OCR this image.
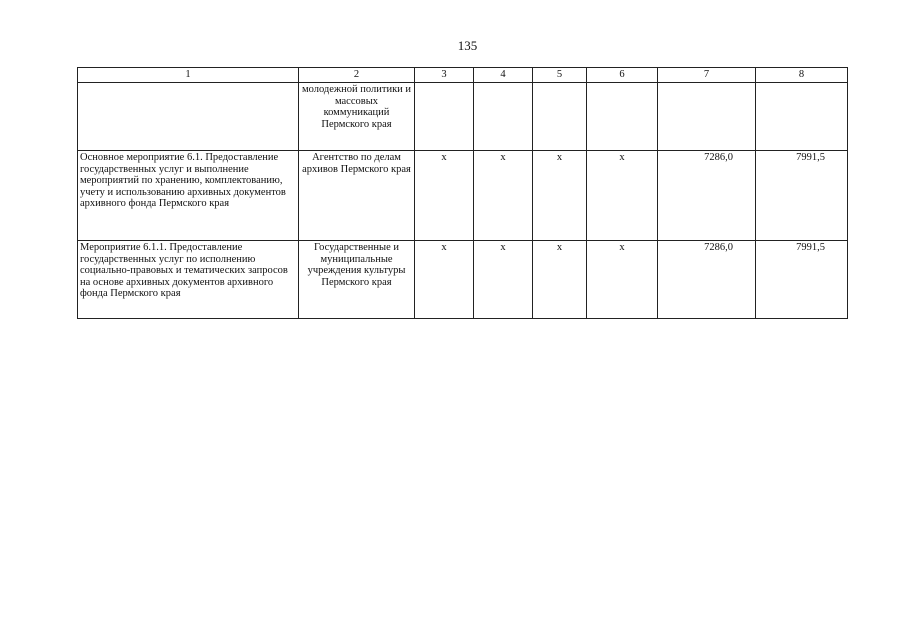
135
1	2	3	4	5	6	7	8
	молодежной политики и массовых коммуникаций Пермского края						
Основное мероприятие 6.1. Предоставление государственных услуг и выполнение мероприятий по хранению, комплектованию, учету и использованию архивных документов архивного фонда Пермского края	Агентство по делам архивов Пермского края	x	x	x	x	7286,0	7991,5
Мероприятие 6.1.1. Предоставление государственных услуг по исполнению социально-правовых и тематических запросов на основе архивных документов архивного фонда Пермского края	Государственные и муниципальные учреждения культуры Пермского края	x	x	x	x	7286,0	7991,5
